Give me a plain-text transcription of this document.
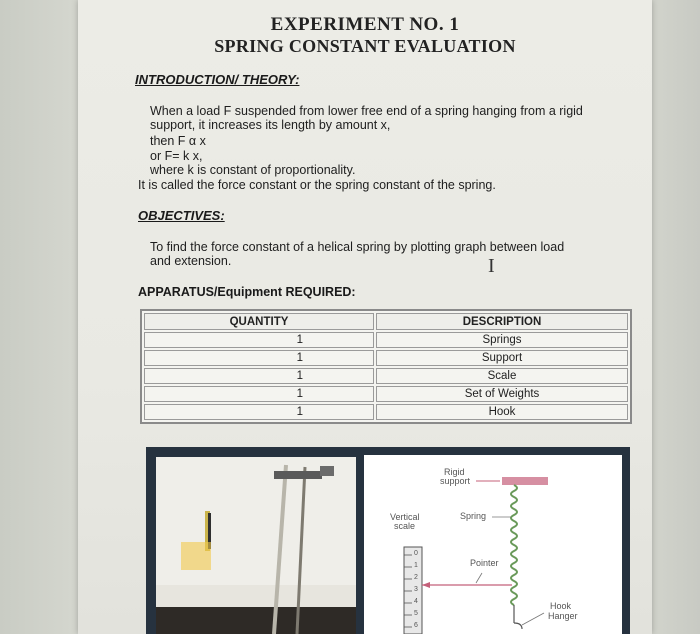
EXPERIMENT NO. 1
SPRING CONSTANT EVALUATION
INTRODUCTION/ THEORY:
When a load F suspended from lower free end of a spring hanging from a rigid
support, it increases its length by amount x,
then F α x
or F= k x,
where k is constant of proportionality.
It is called the force constant or the spring constant of the spring.
OBJECTIVES:
To find the force constant of a helical spring by plotting graph between load
and extension.	I
APPARATUS/Equipment REQUIRED:
QUANTITY	DESCRIPTION
1	Springs
1	Support
1	Scale
1	Set of Weights
1	Hook
Rigid
support
Vertical
scale
Spring
Pointer
Hook
Hanger
0
1
2
3
4
5
6
